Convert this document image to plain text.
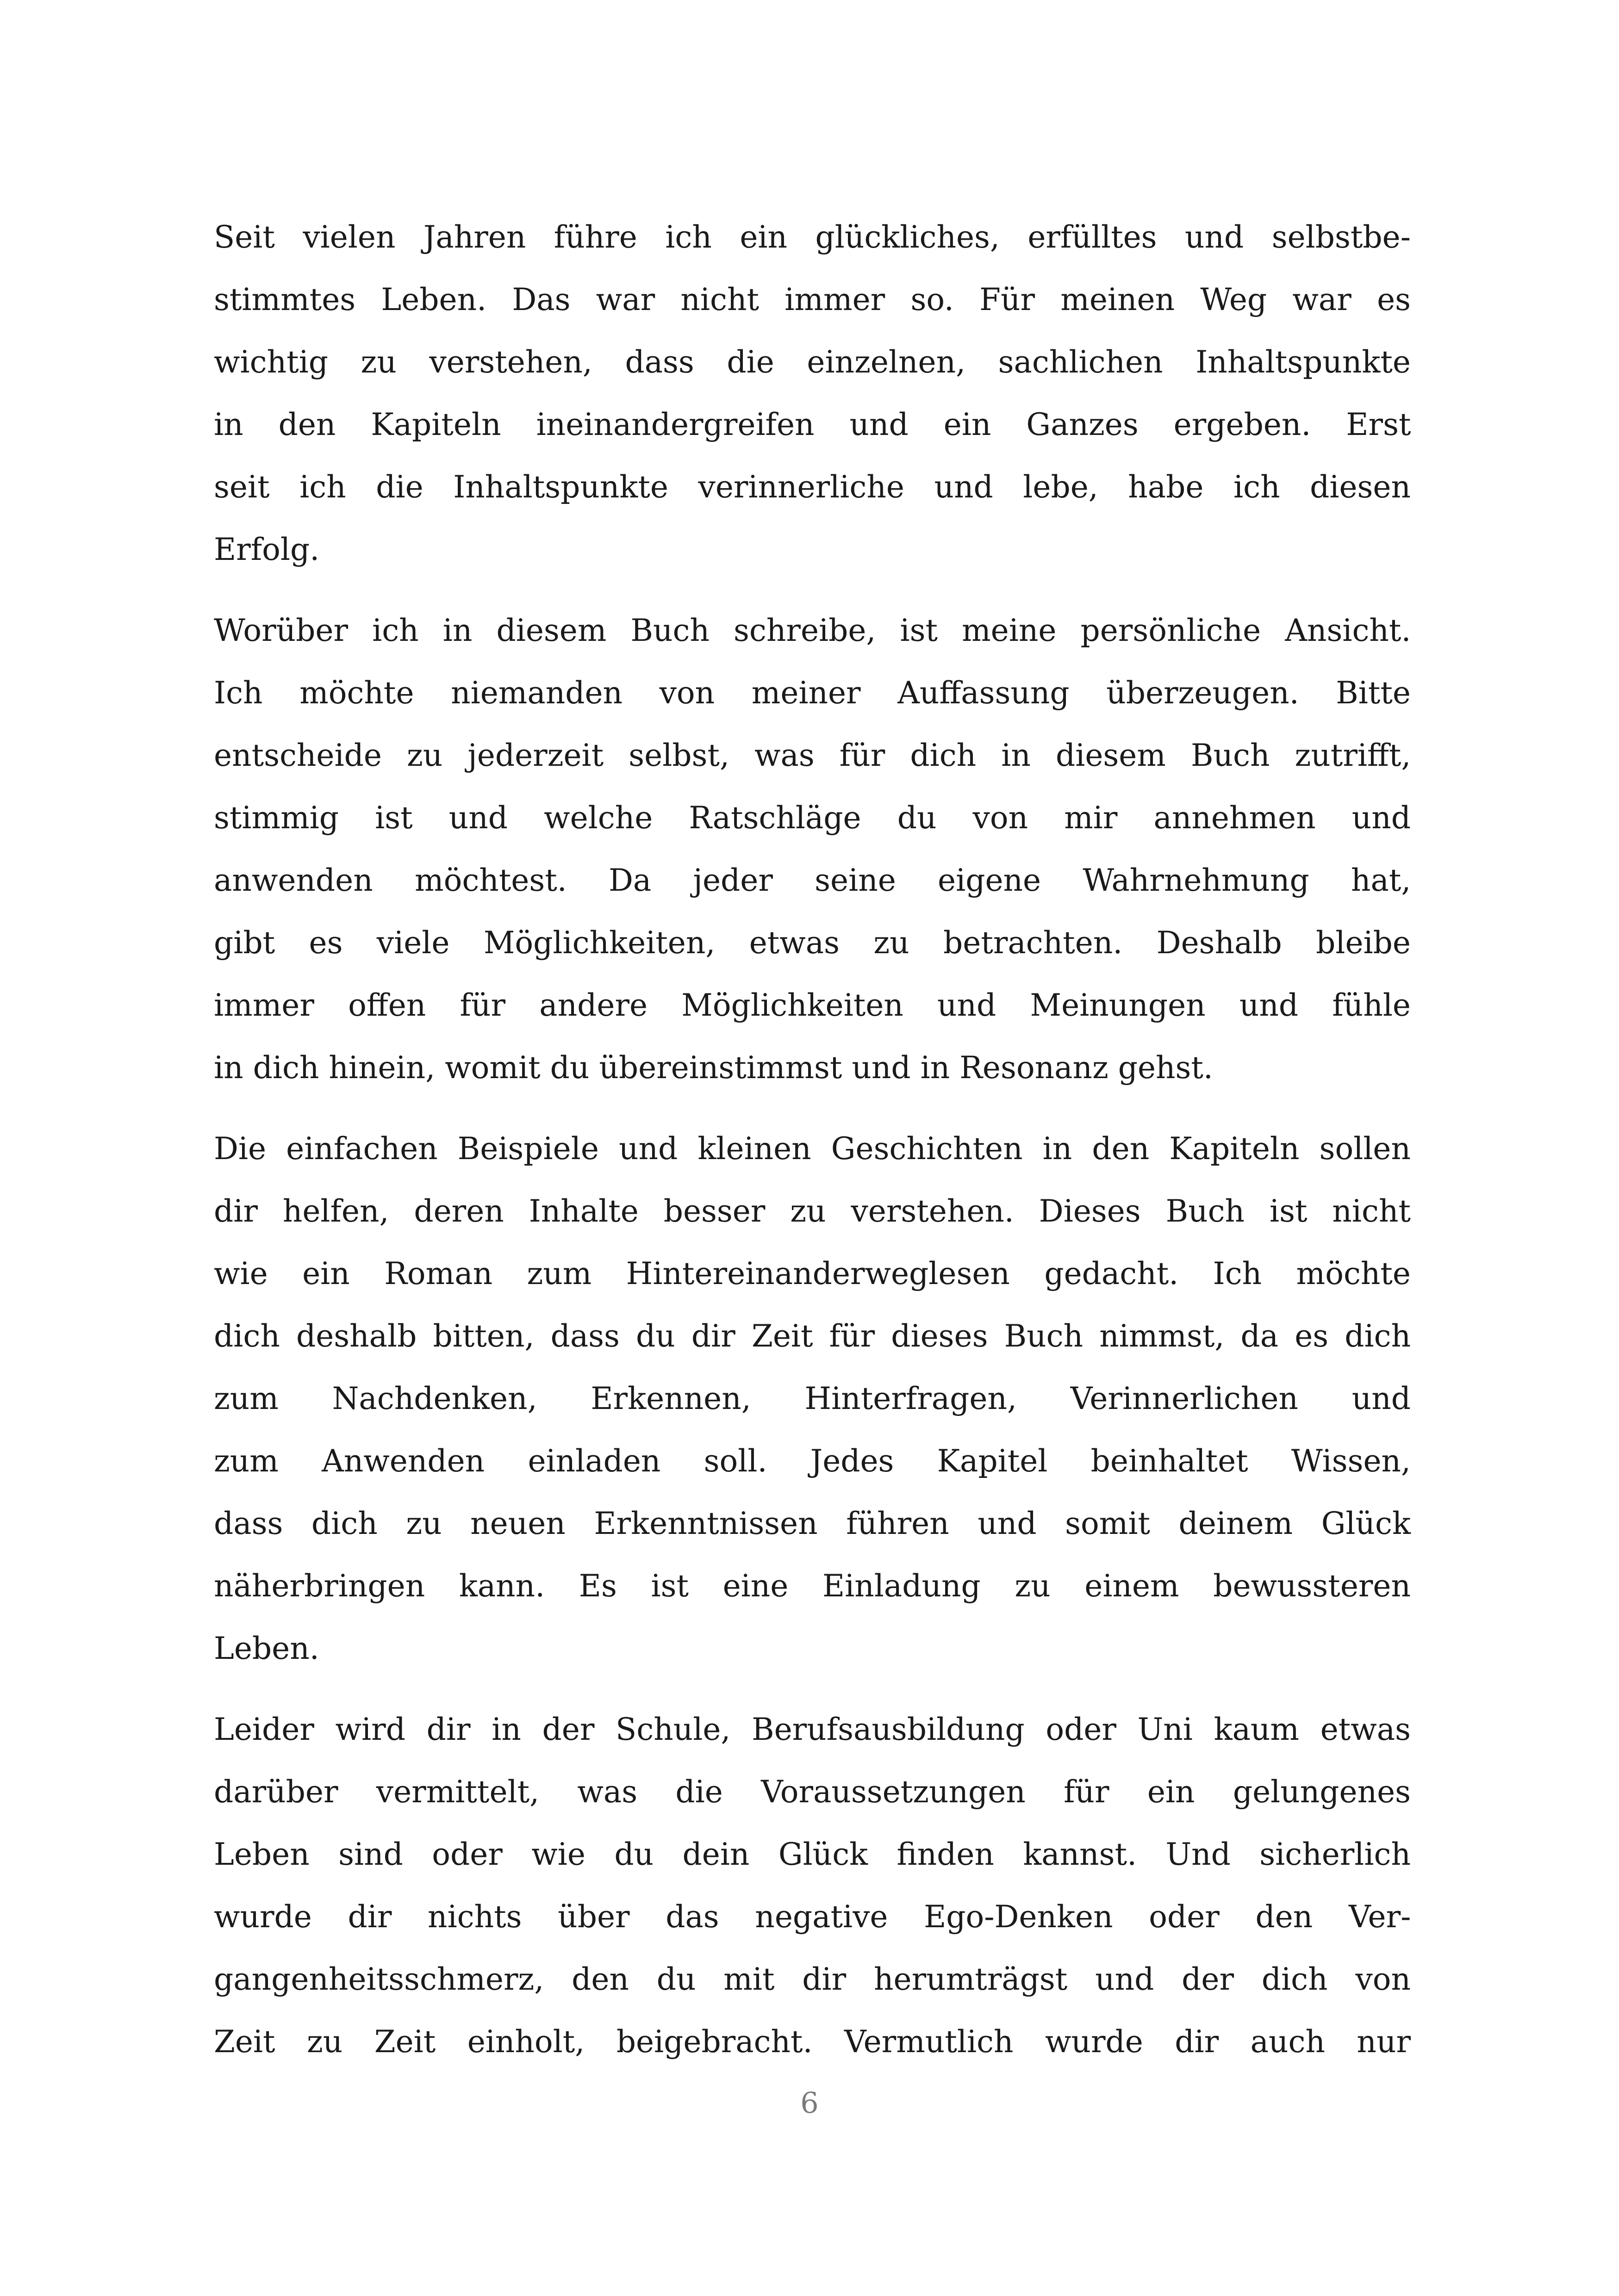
Seit vielen Jahren führe ich ein glückliches, erfülltes und selbstbe-
stimmtes Leben. Das war nicht immer so. Für meinen Weg war es
wichtig zu verstehen, dass die einzelnen, sachlichen Inhaltspunkte
in den Kapiteln ineinandergreifen und ein Ganzes ergeben. Erst
seit ich die Inhaltspunkte verinnerliche und lebe, habe ich diesen
Erfolg.
Worüber ich in diesem Buch schreibe, ist meine persönliche Ansicht.
Ich möchte niemanden von meiner Auffassung überzeugen. Bitte
entscheide zu jederzeit selbst, was für dich in diesem Buch zutrifft,
stimmig ist und welche Ratschläge du von mir annehmen und
anwenden möchtest. Da jeder seine eigene Wahrnehmung hat,
gibt es viele Möglichkeiten, etwas zu betrachten. Deshalb bleibe
immer offen für andere Möglichkeiten und Meinungen und fühle
in dich hinein, womit du übereinstimmst und in Resonanz gehst.
Die einfachen Beispiele und kleinen Geschichten in den Kapiteln sollen
dir helfen, deren Inhalte besser zu verstehen. Dieses Buch ist nicht
wie ein Roman zum Hintereinanderweglesen gedacht. Ich möchte
dich deshalb bitten, dass du dir Zeit für dieses Buch nimmst, da es dich
zum Nachdenken, Erkennen, Hinterfragen, Verinnerlichen und
zum Anwenden einladen soll. Jedes Kapitel beinhaltet Wissen,
dass dich zu neuen Erkenntnissen führen und somit deinem Glück
näherbringen kann. Es ist eine Einladung zu einem bewussteren
Leben.
Leider wird dir in der Schule, Berufsausbildung oder Uni kaum etwas
darüber vermittelt, was die Voraussetzungen für ein gelungenes
Leben sind oder wie du dein Glück finden kannst. Und sicherlich
wurde dir nichts über das negative Ego-Denken oder den Ver-
gangenheitsschmerz, den du mit dir herumträgst und der dich von
Zeit zu Zeit einholt, beigebracht. Vermutlich wurde dir auch nur
6
